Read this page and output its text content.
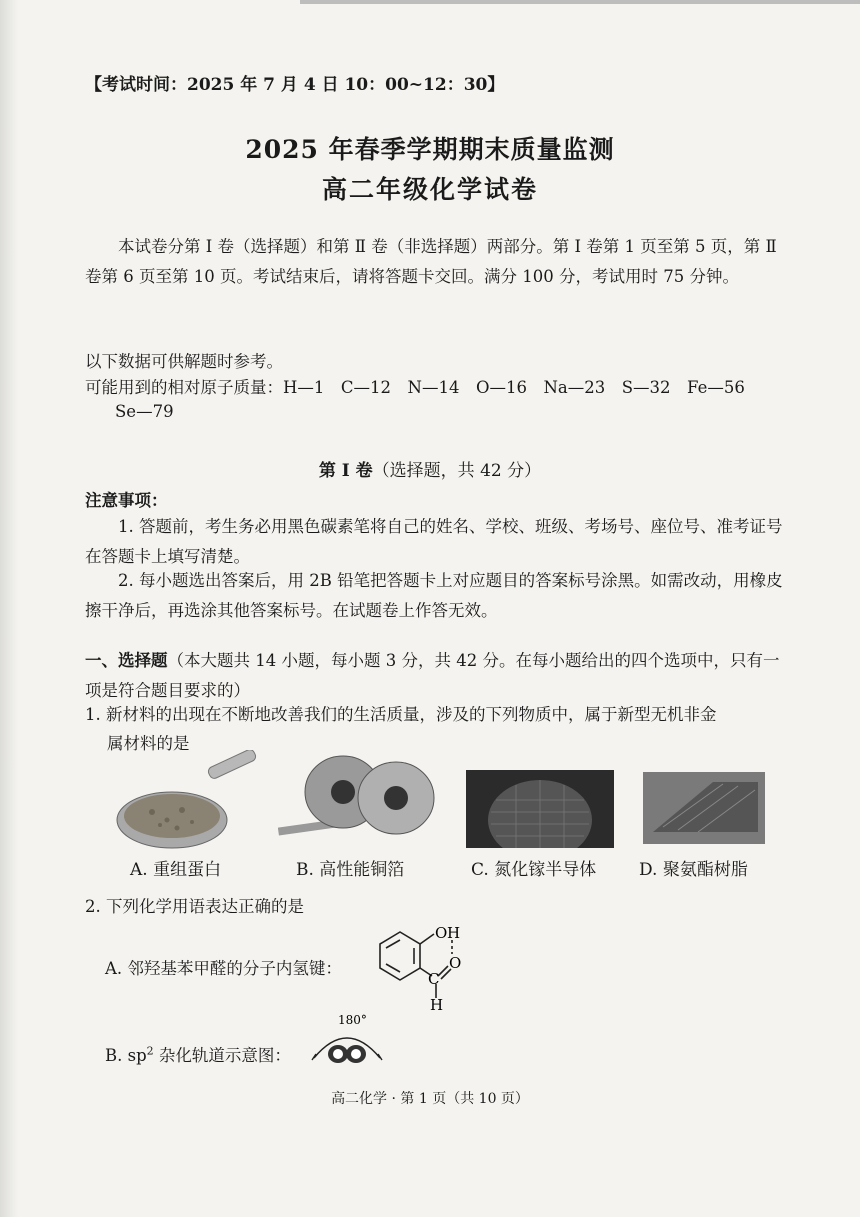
【考试时间：2025 年 7 月 4 日 10：00~12：30】
2025 年春季学期期末质量监测
高二年级化学试卷
本试卷分第 Ⅰ 卷（选择题）和第 Ⅱ 卷（非选择题）两部分。第 Ⅰ 卷第 1 页至第 5 页，第 Ⅱ 卷第 6 页至第 10 页。考试结束后，请将答题卡交回。满分 100 分，考试用时 75 分钟。
以下数据可供解题时参考。
可能用到的相对原子质量：H—1　C—12　N—14　O—16　Na—23　S—32　Fe—56
Se—79
第 Ⅰ 卷（选择题，共 42 分）
注意事项：
1. 答题前，考生务必用黑色碳素笔将自己的姓名、学校、班级、考场号、座位号、准考证号在答题卡上填写清楚。
2. 每小题选出答案后，用 2B 铅笔把答题卡上对应题目的答案标号涂黑。如需改动，用橡皮擦干净后，再选涂其他答案标号。在试题卷上作答无效。
一、选择题（本大题共 14 小题，每小题 3 分，共 42 分。在每小题给出的四个选项中，只有一项是符合题目要求的）
1. 新材料的出现在不断地改善我们的生活质量，涉及的下列物质中，属于新型无机非金
属材料的是
A. 重组蛋白	B. 高性能铜箔	C. 氮化镓半导体	D. 聚氨酯树脂
2. 下列化学用语表达正确的是
A. 邻羟基苯甲醛的分子内氢键：
O H
O
C
H
B. $sp^2$ 杂化轨道示意图：
180°
高二化学 · 第 1 页（共 10 页）
